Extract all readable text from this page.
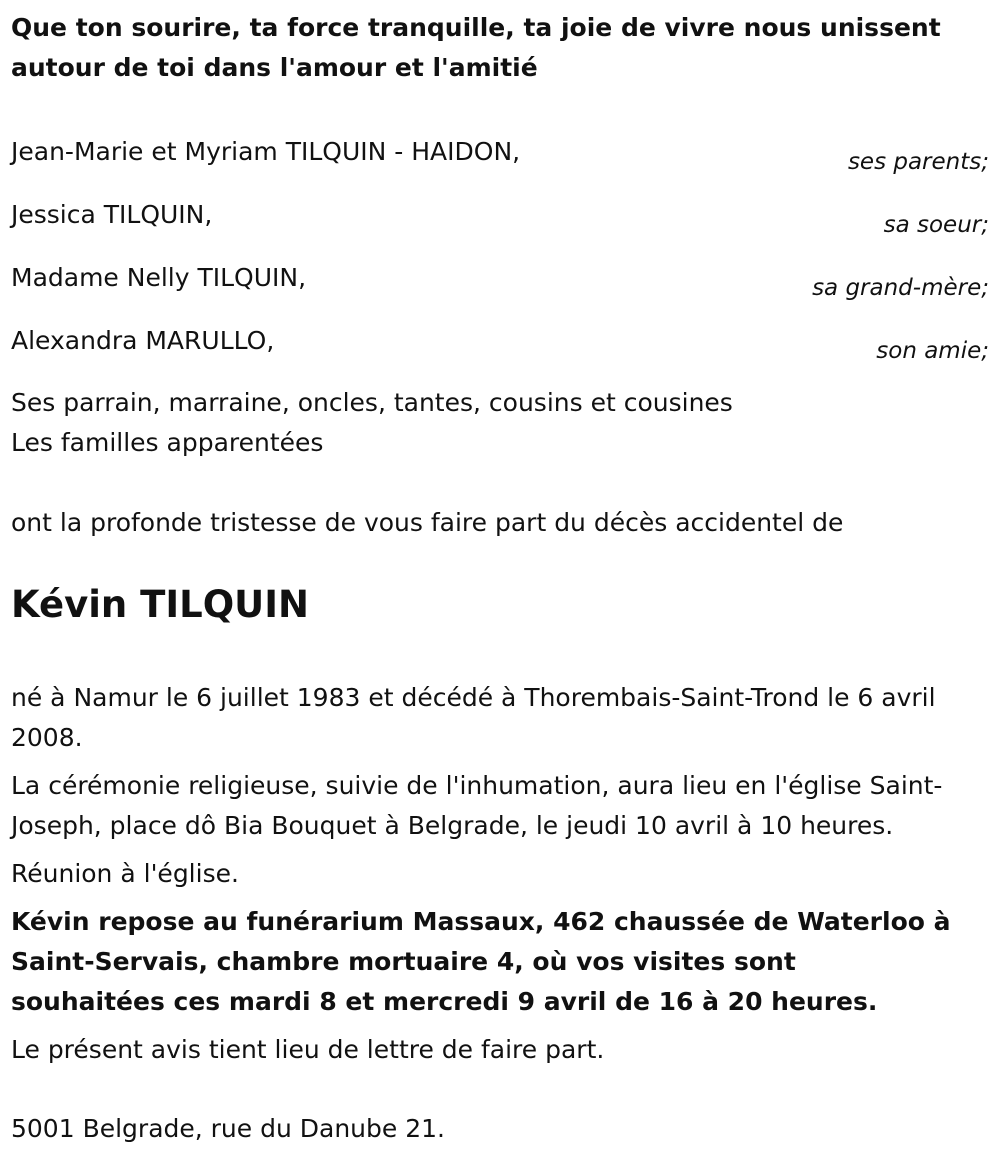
Que ton sourire, ta force tranquille, ta joie de vivre nous unissent autour de toi dans l'amour et l'amitié
Jean-Marie et Myriam TILQUIN - HAIDON,	ses parents;
Jessica TILQUIN,	sa soeur;
Madame Nelly TILQUIN,	sa grand-mère;
Alexandra MARULLO,	son amie;
Ses parrain, marraine, oncles, tantes, cousins et cousines
Les familles apparentées
ont la profonde tristesse de vous faire part du décès accidentel de
Kévin TILQUIN
né à Namur le 6 juillet 1983 et décédé à Thorembais-Saint-Trond le 6 avril 2008.
La cérémonie religieuse, suivie de l'inhumation, aura lieu en l'église Saint-Joseph, place dô Bia Bouquet à Belgrade, le jeudi 10 avril à 10 heures.
Réunion à l'église.
Kévin repose au funérarium Massaux, 462 chaussée de Waterloo à Saint-Servais, chambre mortuaire 4, où vos visites sont souhaitées ces mardi 8 et mercredi 9 avril de 16 à 20 heures.
Le présent avis tient lieu de lettre de faire part.
5001 Belgrade, rue du Danube 21.
